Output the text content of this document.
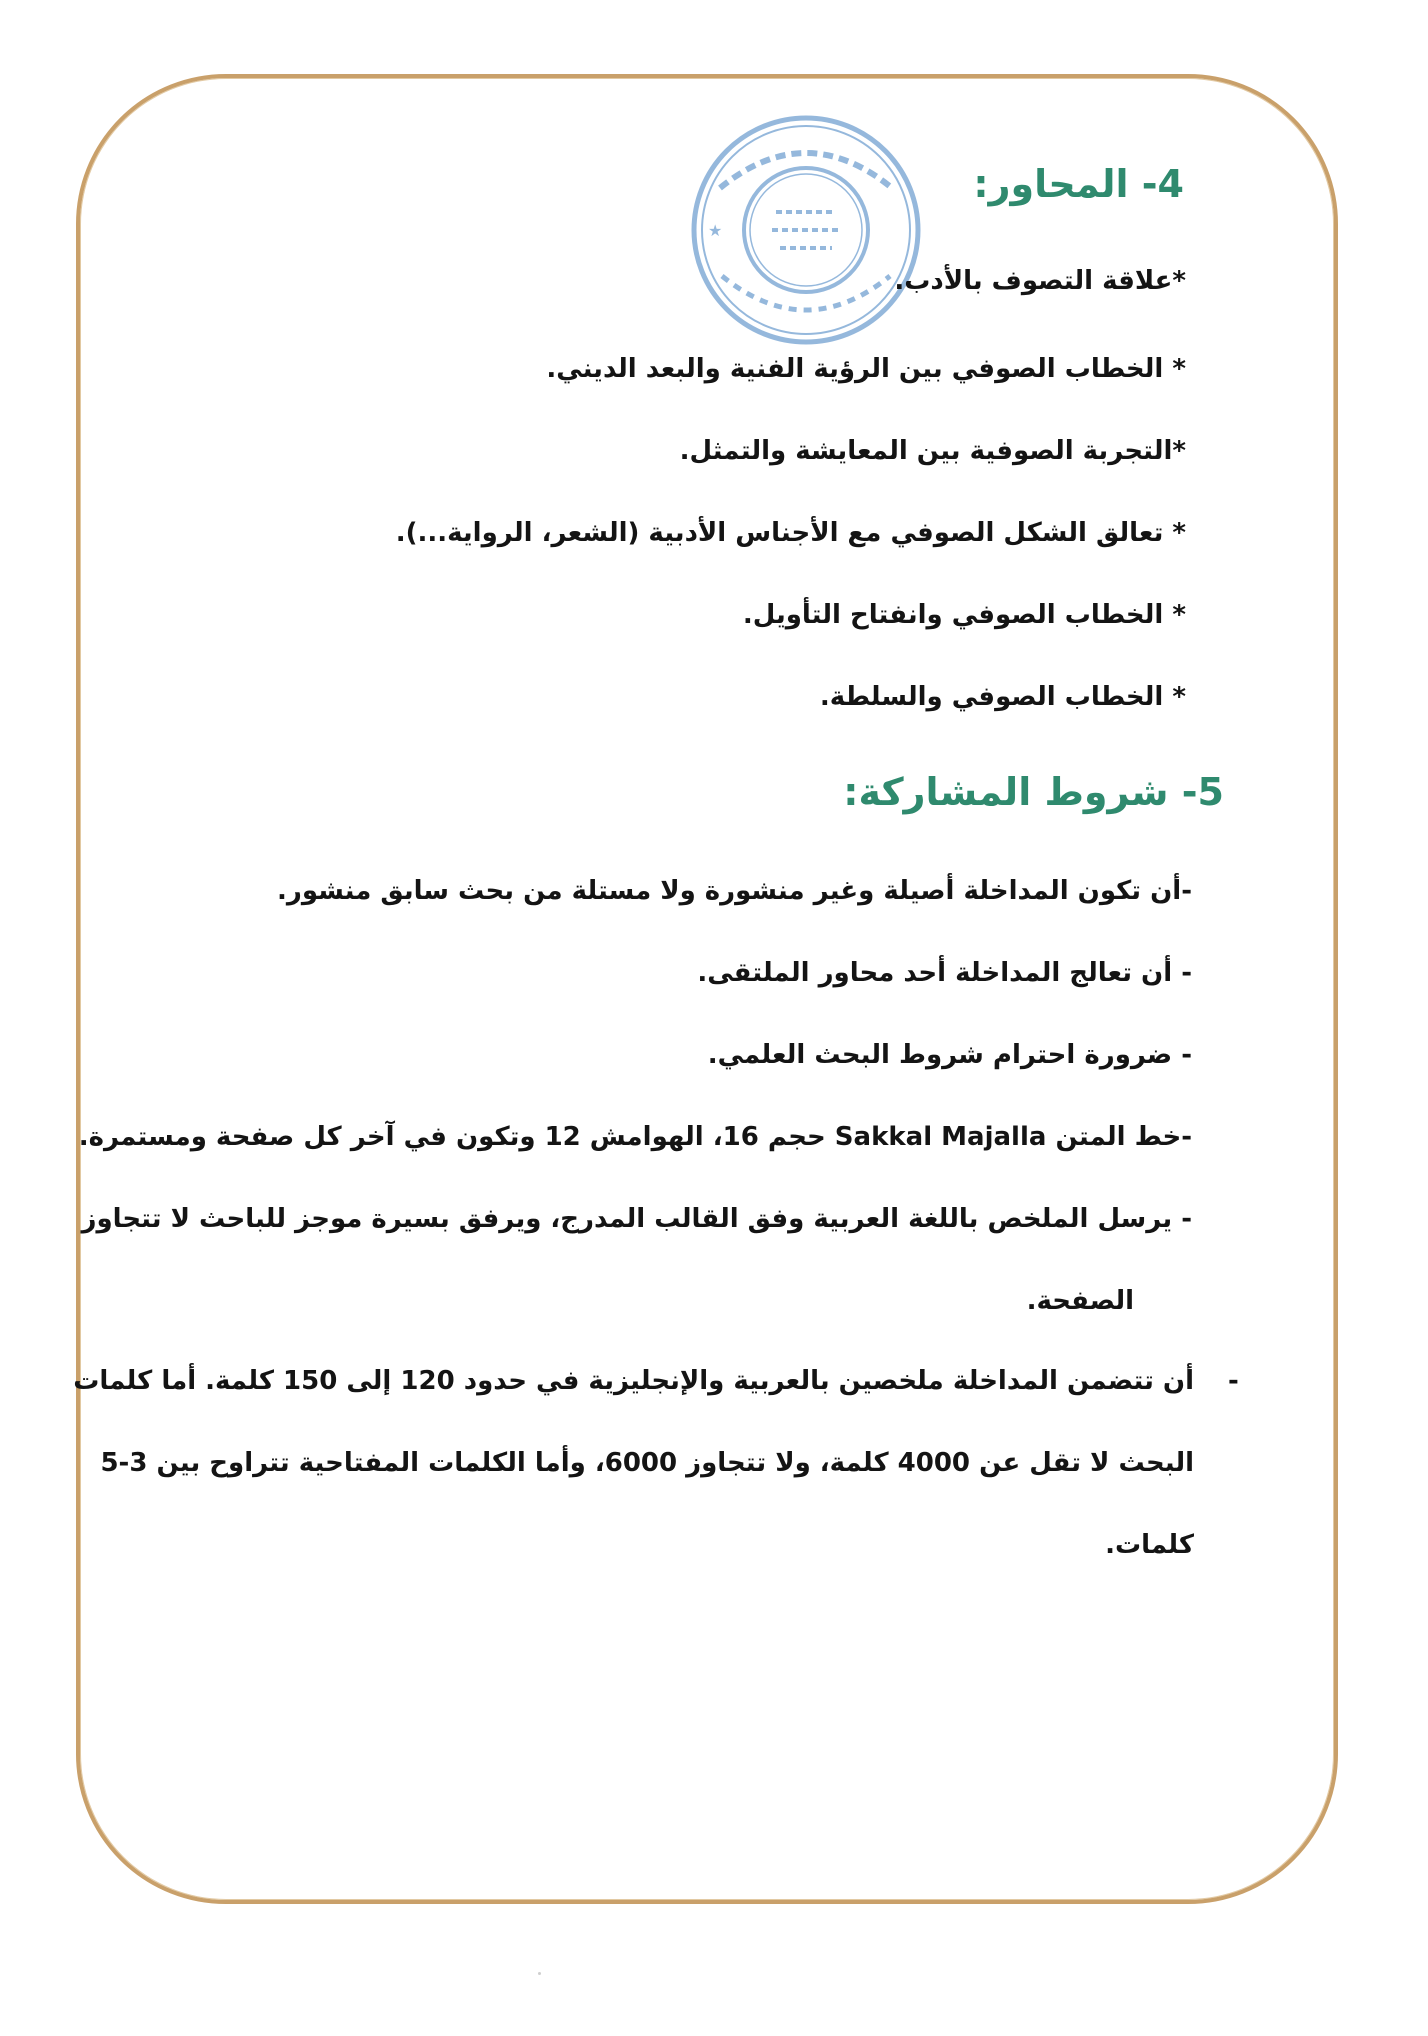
★
4- المحاور:
*علاقة التصوف بالأدب.
* الخطاب الصوفي بين الرؤية الفنية والبعد الديني.
*التجربة الصوفية بين المعايشة والتمثل.
* تعالق الشكل الصوفي مع الأجناس الأدبية (الشعر، الرواية...).
* الخطاب الصوفي وانفتاح التأويل.
* الخطاب الصوفي والسلطة.
5- شروط المشاركة:
-أن تكون المداخلة أصيلة وغير منشورة ولا مستلة من بحث سابق منشور.
- أن تعالج المداخلة أحد محاور الملتقى.
- ضرورة احترام شروط البحث العلمي.
-خط المتن Sakkal Majalla حجم 16، الهوامش 12 وتكون في آخر كل صفحة ومستمرة.
- يرسل الملخص باللغة العربية وفق القالب المدرج، ويرفق بسيرة موجز للباحث لا تتجاوز
الصفحة.
-
أن تتضمن المداخلة ملخصين بالعربية والإنجليزية في حدود 120 إلى 150 كلمة. أما كلمات
البحث لا تقل عن 4000 كلمة، ولا تتجاوز 6000، وأما الكلمات المفتاحية تتراوح بين 3-5
كلمات.
